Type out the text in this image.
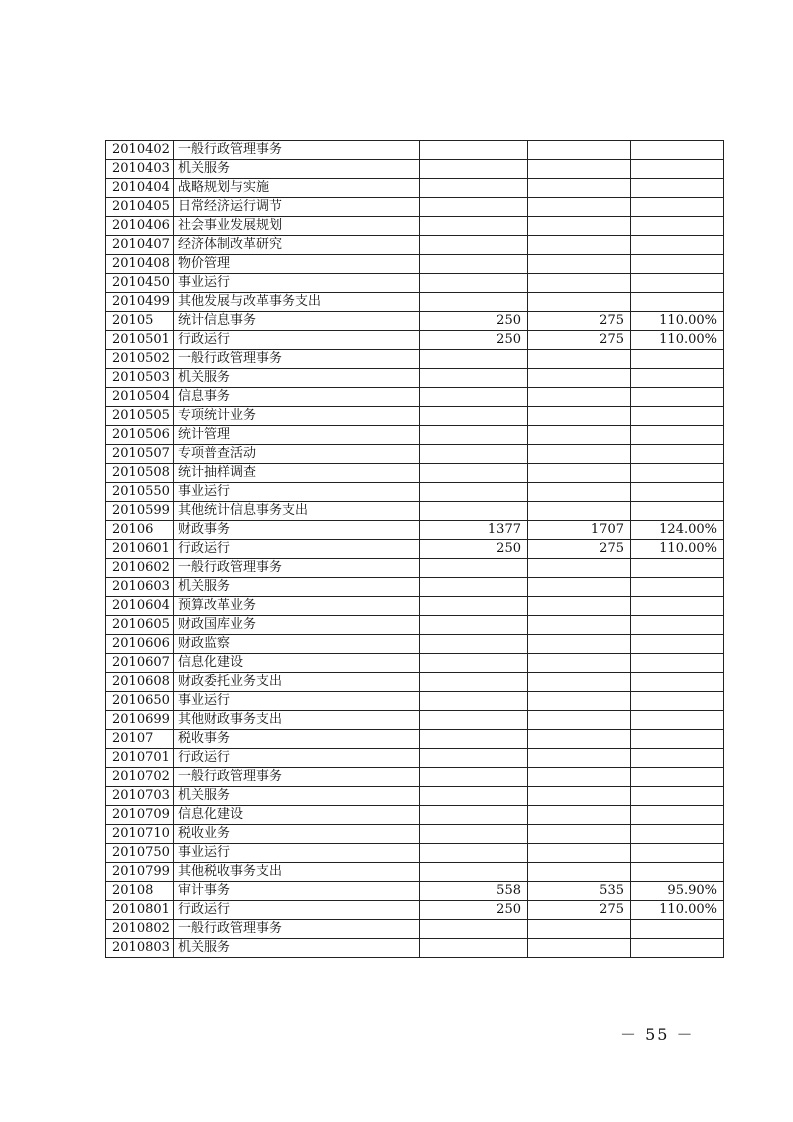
2010402	一般行政管理事务			
2010403	机关服务			
2010404	战略规划与实施			
2010405	日常经济运行调节			
2010406	社会事业发展规划			
2010407	经济体制改革研究			
2010408	物价管理			
2010450	事业运行			
2010499	其他发展与改革事务支出			
20105	统计信息事务	250	275	110.00%
2010501	行政运行	250	275	110.00%
2010502	一般行政管理事务			
2010503	机关服务			
2010504	信息事务			
2010505	专项统计业务			
2010506	统计管理			
2010507	专项普查活动			
2010508	统计抽样调查			
2010550	事业运行			
2010599	其他统计信息事务支出			
20106	财政事务	1377	1707	124.00%
2010601	行政运行	250	275	110.00%
2010602	一般行政管理事务			
2010603	机关服务			
2010604	预算改革业务			
2010605	财政国库业务			
2010606	财政监察			
2010607	信息化建设			
2010608	财政委托业务支出			
2010650	事业运行			
2010699	其他财政事务支出			
20107	税收事务			
2010701	行政运行			
2010702	一般行政管理事务			
2010703	机关服务			
2010709	信息化建设			
2010710	税收业务			
2010750	事业运行			
2010799	其他税收事务支出			
20108	审计事务	558	535	95.90%
2010801	行政运行	250	275	110.00%
2010802	一般行政管理事务			
2010803	机关服务			
－ 55 －
